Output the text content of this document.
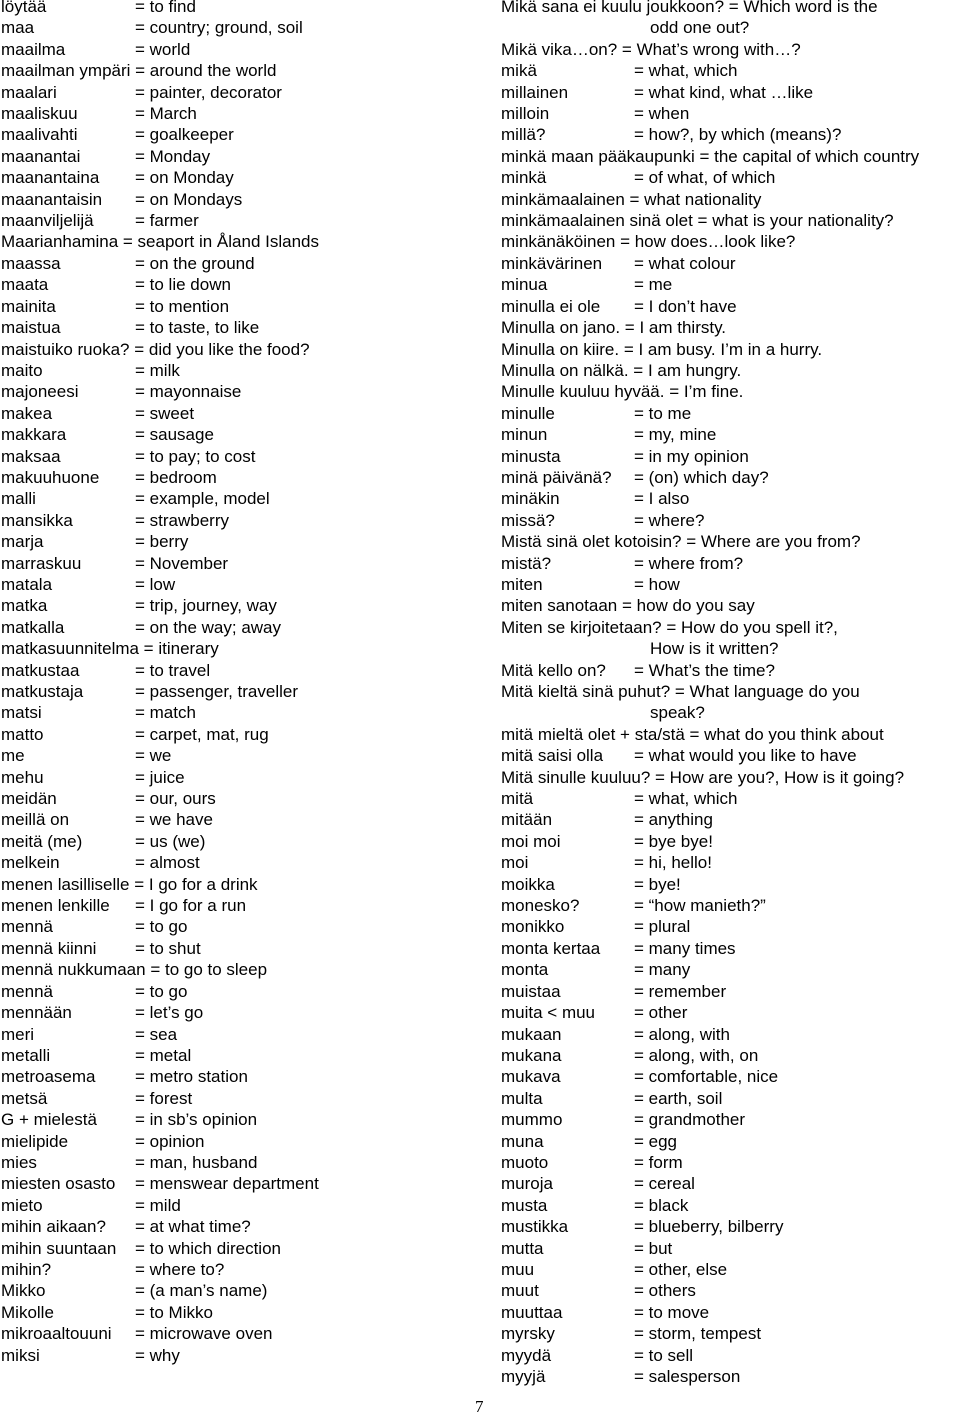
löytää	= to find
maa	= country; ground, soil
maailma	= world
maailman ympäri = around the world
maalari	= painter, decorator
maaliskuu	= March
maalivahti	= goalkeeper
maanantai	= Monday
maanantaina = on Monday
maanantaisin = on Mondays
maanviljelijä = farmer
Maarianhamina = seaport in Åland Islands
maassa	= on the ground
maata	= to lie down
mainita	= to mention
maistua	= to taste, to like
maistuiko ruoka? = did you like the food?
maito	= milk
majoneesi	= mayonnaise
makea	= sweet
makkara	= sausage
maksaa	= to pay; to cost
makuuhuone = bedroom
malli	= example, model
mansikka	= strawberry
marja	= berry
marraskuu	= November
matala	= low
matka	= trip, journey, way
matkalla	= on the way; away
matkasuunnitelma = itinerary
matkustaa	= to travel
matkustaja	= passenger, traveller
matsi	= match
matto	= carpet, mat, rug
me	= we
mehu	= juice
meidän	= our, ours
meillä on	= we have
meitä (me)	= us (we)
melkein	= almost
menen lasilliselle = I go for a drink
menen lenkille = I go for a run
mennä	= to go
mennä kiinni = to shut
mennä nukkumaan = to go to sleep
mennä	= to go
mennään	= let’s go
meri	= sea
metalli	= metal
metroasema = metro station
metsä	= forest
G + mielestä = in sb’s opinion
mielipide	= opinion
mies	= man, husband
miesten osasto = menswear department
mieto	= mild
mihin aikaan? = at what time?
mihin suuntaan = to which direction
mihin?	= where to?
Mikko	= (a man’s name)
Mikolle	= to Mikko
mikroaaltouuni = microwave oven
miksi	= why
Mikä sana ei kuulu joukkoon? = Which word is the
odd one out?
Mikä vika…on? = What’s wrong with…?
mikä	= what, which
millainen	= what kind, what …like
milloin	= when
millä?	= how?, by which (means)?
minkä maan pääkaupunki = the capital of which country
minkä	= of what, of which
minkämaalainen = what nationality
minkämaalainen sinä olet = what is your nationality?
minkänäköinen = how does…look like?
minkävärinen = what colour
minua	= me
minulla ei ole = I don’t have
Minulla on jano. = I am thirsty.
Minulla on kiire. = I am busy. I’m in a hurry.
Minulla on nälkä. = I am hungry.
Minulle kuuluu hyvää. = I’m fine.
minulle	= to me
minun	= my, mine
minusta	= in my opinion
minä päivänä? = (on) which day?
minäkin	= I also
missä?	= where?
Mistä sinä olet kotoisin? = Where are you from?
mistä?	= where from?
miten	= how
miten sanotaan = how do you say
Miten se kirjoitetaan? = How do you spell it?,
How is it written?
Mitä kello on? = What’s the time?
Mitä kieltä sinä puhut? = What language do you
speak?
mitä mieltä olet + sta/stä = what do you think about
mitä saisi olla = what would you like to have
Mitä sinulle kuuluu? = How are you?, How is it going?
mitä	= what, which
mitään	= anything
moi moi	= bye bye!
moi	= hi, hello!
moikka	= bye!
monesko?	= “how manieth?”
monikko	= plural
monta kertaa = many times
monta	= many
muistaa	= remember
muita < muu = other
mukaan	= along, with
mukana	= along, with, on
mukava	= comfortable, nice
multa	= earth, soil
mummo	= grandmother
muna	= egg
muoto	= form
muroja	= cereal
musta	= black
mustikka	= blueberry, bilberry
mutta	= but
muu	= other, else
muut	= others
muuttaa	= to move
myrsky	= storm, tempest
myydä	= to sell
myyjä	= salesperson
7
